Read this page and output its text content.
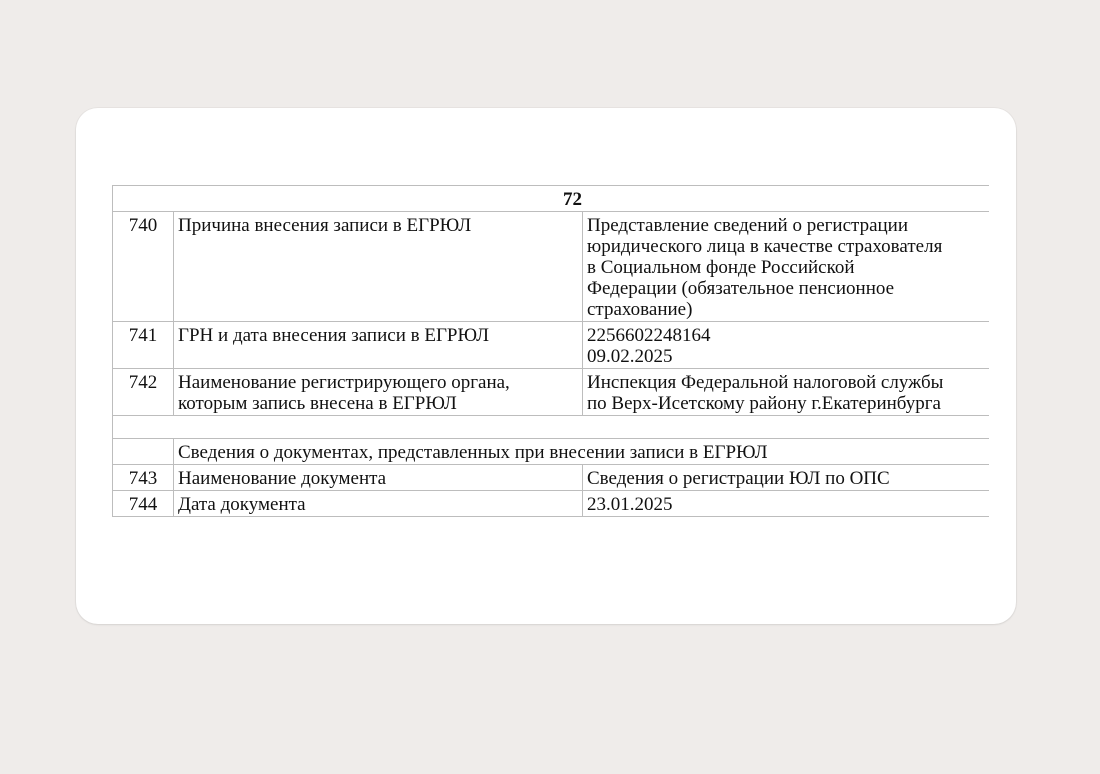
72		
740	Причина внесения записи в ЕГРЮЛ	Представление сведений о регистрации
юридического лица в качестве страхователя
в Социальном фонде Российской
Федерации (обязательное пенсионное
страхование)

741	ГРН и дата внесения записи в ЕГРЮЛ	2256602248164
09.02.2025

742	Наименование регистрирующего органа,
которым запись внесена в ЕГРЮЛ	Инспекция Федеральной налоговой службы
по Верх-Исетскому району г.Екатеринбурга

	Сведения о документах, представленных при внесении записи в ЕГРЮЛ	
743	Наименование документа	Сведения о регистрации ЮЛ по ОПС
744	Дата документа	23.01.2025
